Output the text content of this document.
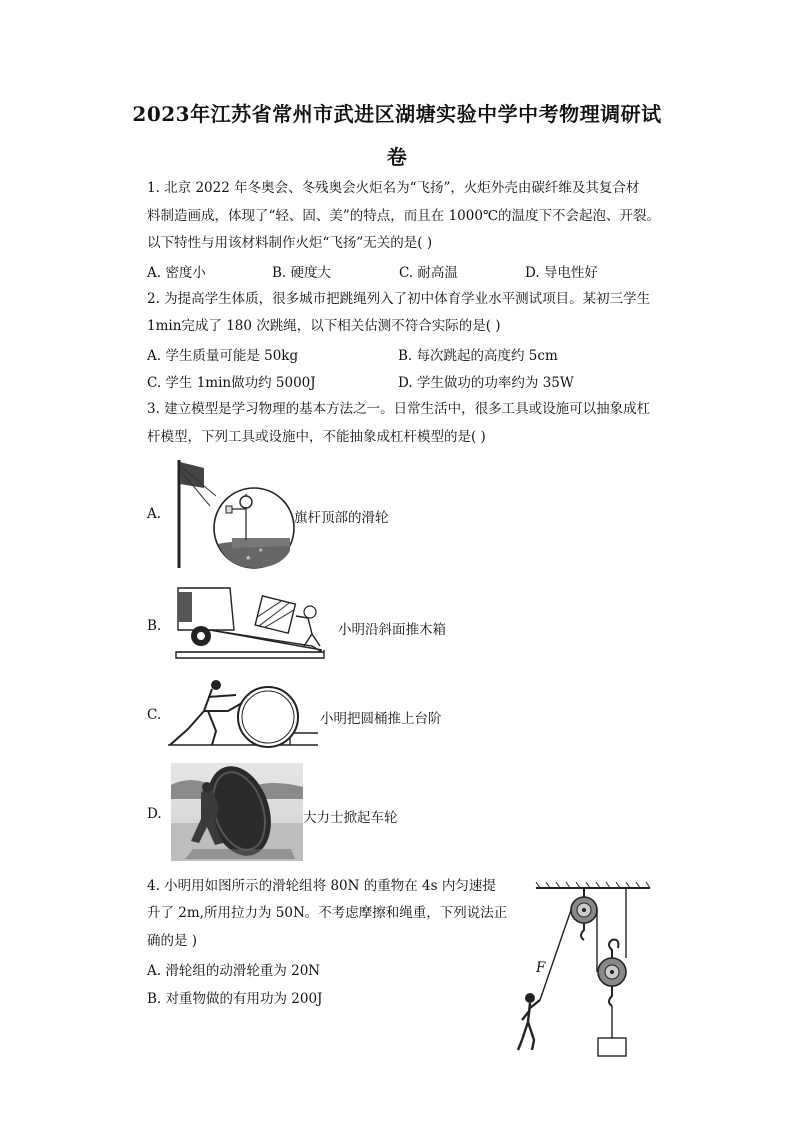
2023年江苏省常州市武进区湖塘实验中学中考物理调研试
卷
1. 北京 2022 年冬奥会、冬残奥会火炬名为“飞扬”，火炬外壳由碳纤维及其复合材
料制造画成，体现了“轻、固、美”的特点，而且在 1000℃的温度下不会起泡、开裂。
以下特性与用该材料制作火炬“飞扬”无关的是( )
A. 密度小	B. 硬度大	C. 耐高温	D. 导电性好
2. 为提高学生体质，很多城市把跳绳列入了初中体育学业水平测试项目。某初三学生
1min完成了 180 次跳绳，以下相关估测不符合实际的是( )
A. 学生质量可能是 50kg	B. 每次跳起的高度约 5cm
C. 学生 1min做功约 5000J	D. 学生做功的功率约为 35W
3. 建立模型是学习物理的基本方法之一。日常生活中，很多工具或设施可以抽象成杠
杆模型，下列工具或设施中，不能抽象成杠杆模型的是( )
A.
★
★
旗杆顶部的滑轮
B.	小明沿斜面推木箱
C.	小明把圆桶推上台阶
D.	大力士掀起车轮
4. 小明用如图所示的滑轮组将 80N 的重物在 4s 内匀速提
升了 2m,所用拉力为 50N。不考虑摩擦和绳重，下列说法正
确的是 )
A. 滑轮组的动滑轮重为 20N
B. 对重物做的有用功为 200J
F
